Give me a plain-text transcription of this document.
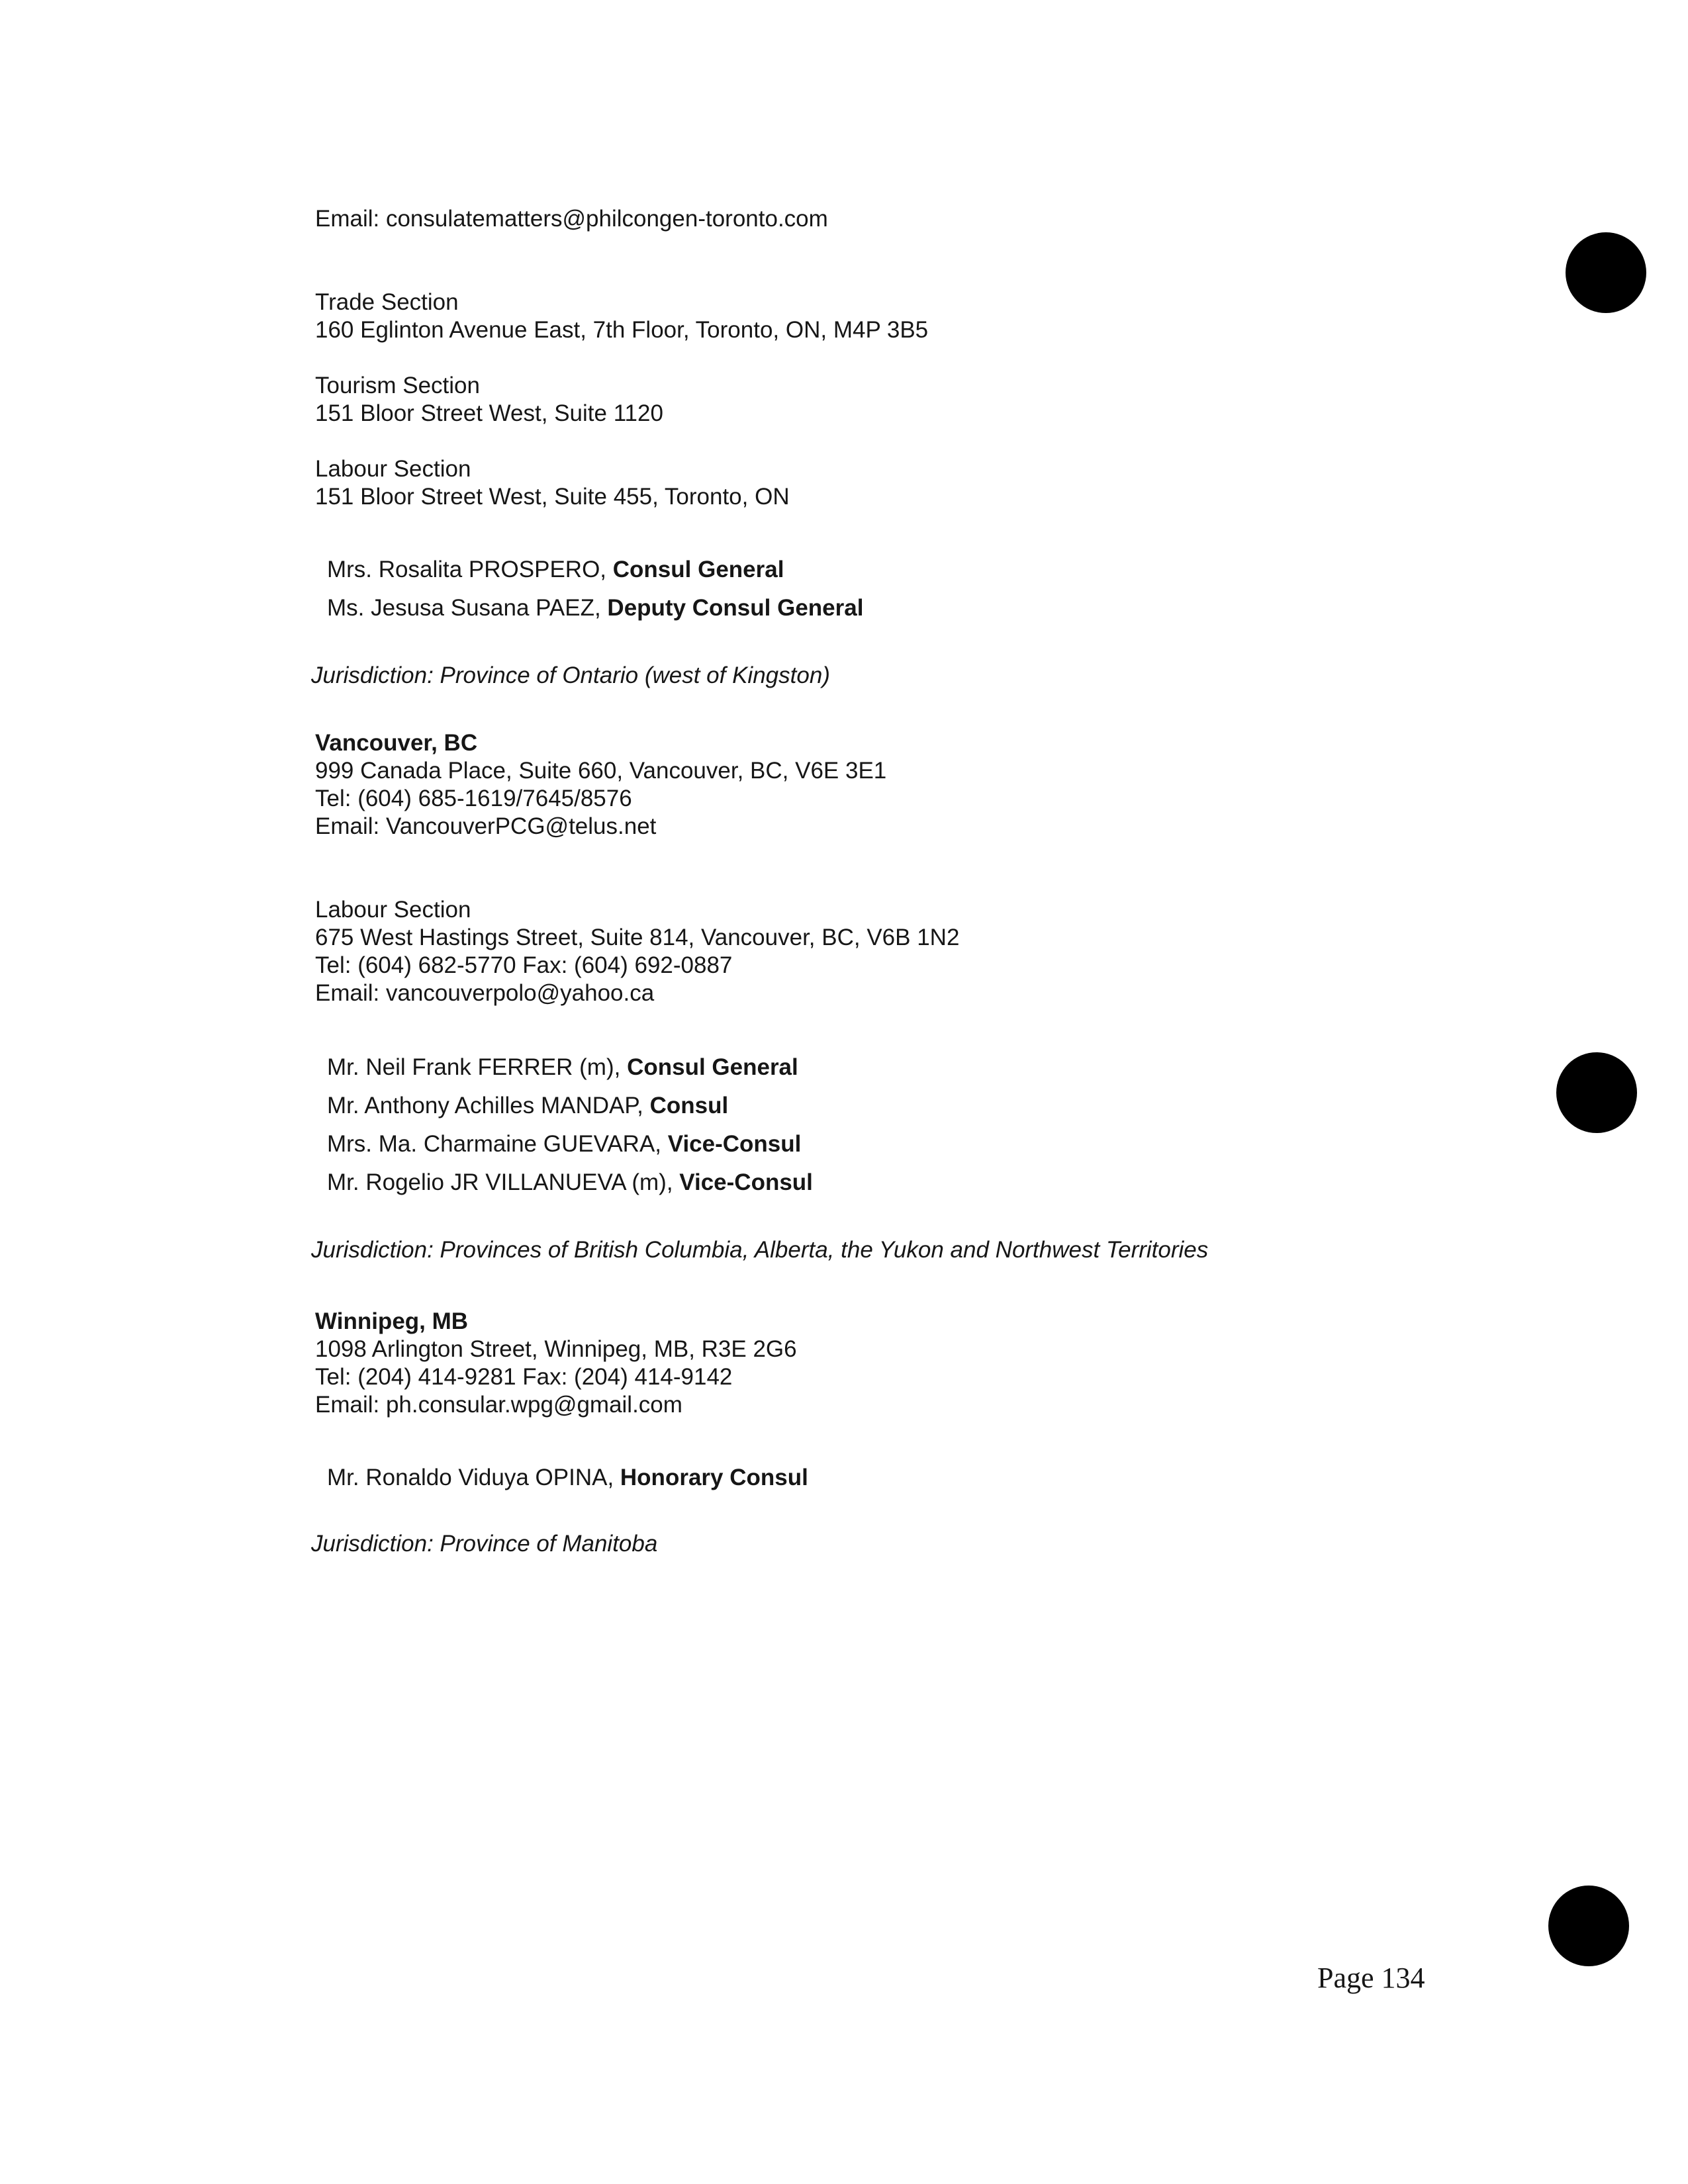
Email: consulatematters@philcongen-toronto.com
Trade Section
160 Eglinton Avenue East, 7th Floor, Toronto, ON, M4P 3B5
Tourism Section
151 Bloor Street West, Suite 1120
Labour Section
151 Bloor Street West, Suite 455, Toronto, ON
Mrs. Rosalita PROSPERO, Consul General
Ms. Jesusa Susana PAEZ, Deputy Consul General
Jurisdiction: Province of Ontario (west of Kingston)
Vancouver, BC
999 Canada Place, Suite 660, Vancouver, BC, V6E 3E1
Tel: (604) 685-1619/7645/8576
Email: VancouverPCG@telus.net
Labour Section
675 West Hastings Street, Suite 814, Vancouver, BC, V6B 1N2
Tel: (604) 682-5770 Fax: (604) 692-0887
Email: vancouverpolo@yahoo.ca
Mr. Neil Frank FERRER (m), Consul General
Mr. Anthony Achilles MANDAP, Consul
Mrs. Ma. Charmaine GUEVARA, Vice-Consul
Mr. Rogelio JR VILLANUEVA (m), Vice-Consul
Jurisdiction: Provinces of British Columbia, Alberta, the Yukon and Northwest Territories
Winnipeg, MB
1098 Arlington Street, Winnipeg, MB, R3E 2G6
Tel: (204) 414-9281 Fax: (204) 414-9142
Email: ph.consular.wpg@gmail.com
Mr. Ronaldo Viduya OPINA, Honorary Consul
Jurisdiction: Province of Manitoba
Page 134
